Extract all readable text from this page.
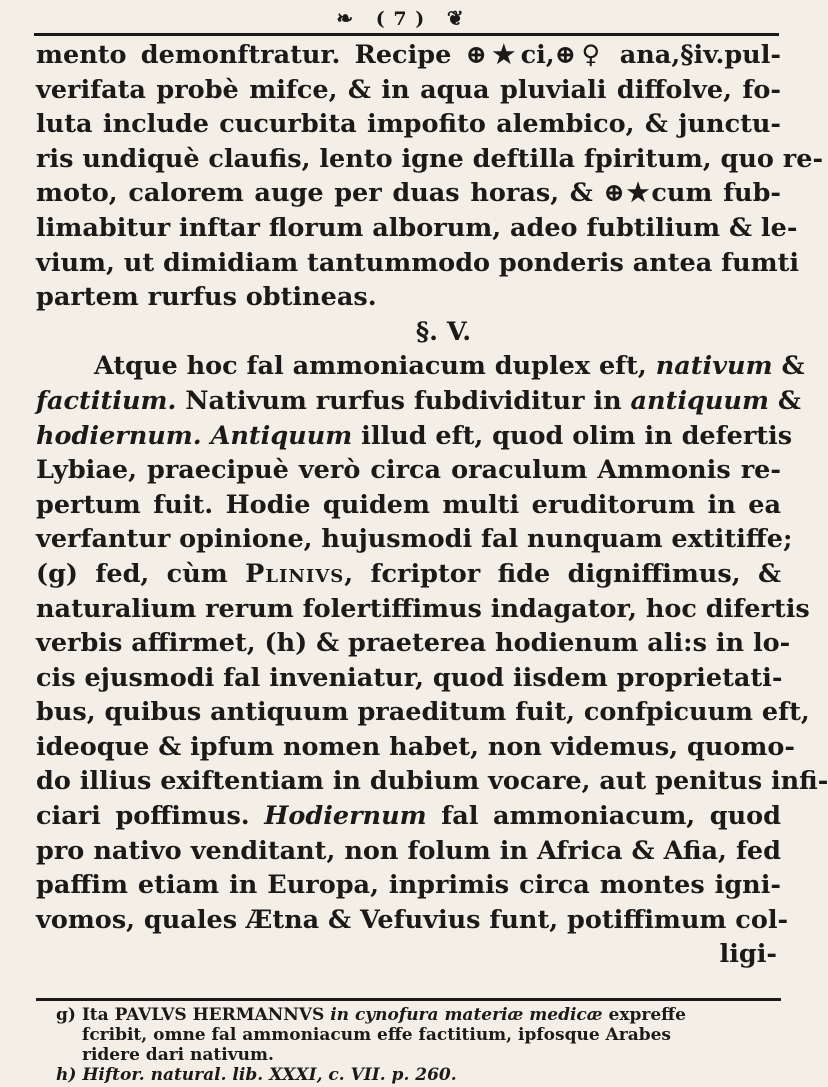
❧ ( 7 ) ❦
mento demonftratur. Recipe ⊕★ci,⊕♀ ana,§iv.pul-
verifata probè mifce, & in aqua pluviali diffolve, fo-
luta include cucurbita impofito alembico, & junctu-
ris undiquè claufis, lento igne deftilla fpiritum, quo re-
moto, calorem auge per duas horas, & ⊕★cum fub-
limabitur inftar florum alborum, adeo fubtilium & le-
vium, ut dimidiam tantummodo ponderis antea fumti
partem rurfus obtineas.
§. V.
Atque hoc fal ammoniacum duplex eft, nativum &
factitium. Nativum rurfus fubdividitur in antiquum &
hodiernum. Antiquum illud eft, quod olim in defertis
Lybiae, praecipuè verò circa oraculum Ammonis re-
pertum fuit. Hodie quidem multi eruditorum in ea
verfantur opinione, hujusmodi fal nunquam extitiffe;
(g) fed, cùm Plinivs, fcriptor fide digniffimus, &
naturalium rerum folertiffimus indagator, hoc difertis
verbis affirmet, (h) & praeterea hodienum ali:s in lo-
cis ejusmodi fal inveniatur, quod iisdem proprietati-
bus, quibus antiquum praeditum fuit, confpicuum eft,
ideoque & ipfum nomen habet, non videmus, quomo-
do illius exiftentiam in dubium vocare, aut penitus infi-
ciari poffimus. Hodiernum fal ammoniacum, quod
pro nativo venditant, non folum in Africa & Afia, fed
paffim etiam in Europa, inprimis circa montes igni-
vomos, quales Ætna & Vefuvius funt, potiffimum col-
ligi-
g) Ita PAVLVS HERMANNVS in cynofura materiæ medicæ expreffe
fcribit, omne fal ammoniacum effe factitium, ipfosque Arabes
ridere dari nativum.
h) Hiftor. natural. lib. XXXI, c. VII. p. 260.
